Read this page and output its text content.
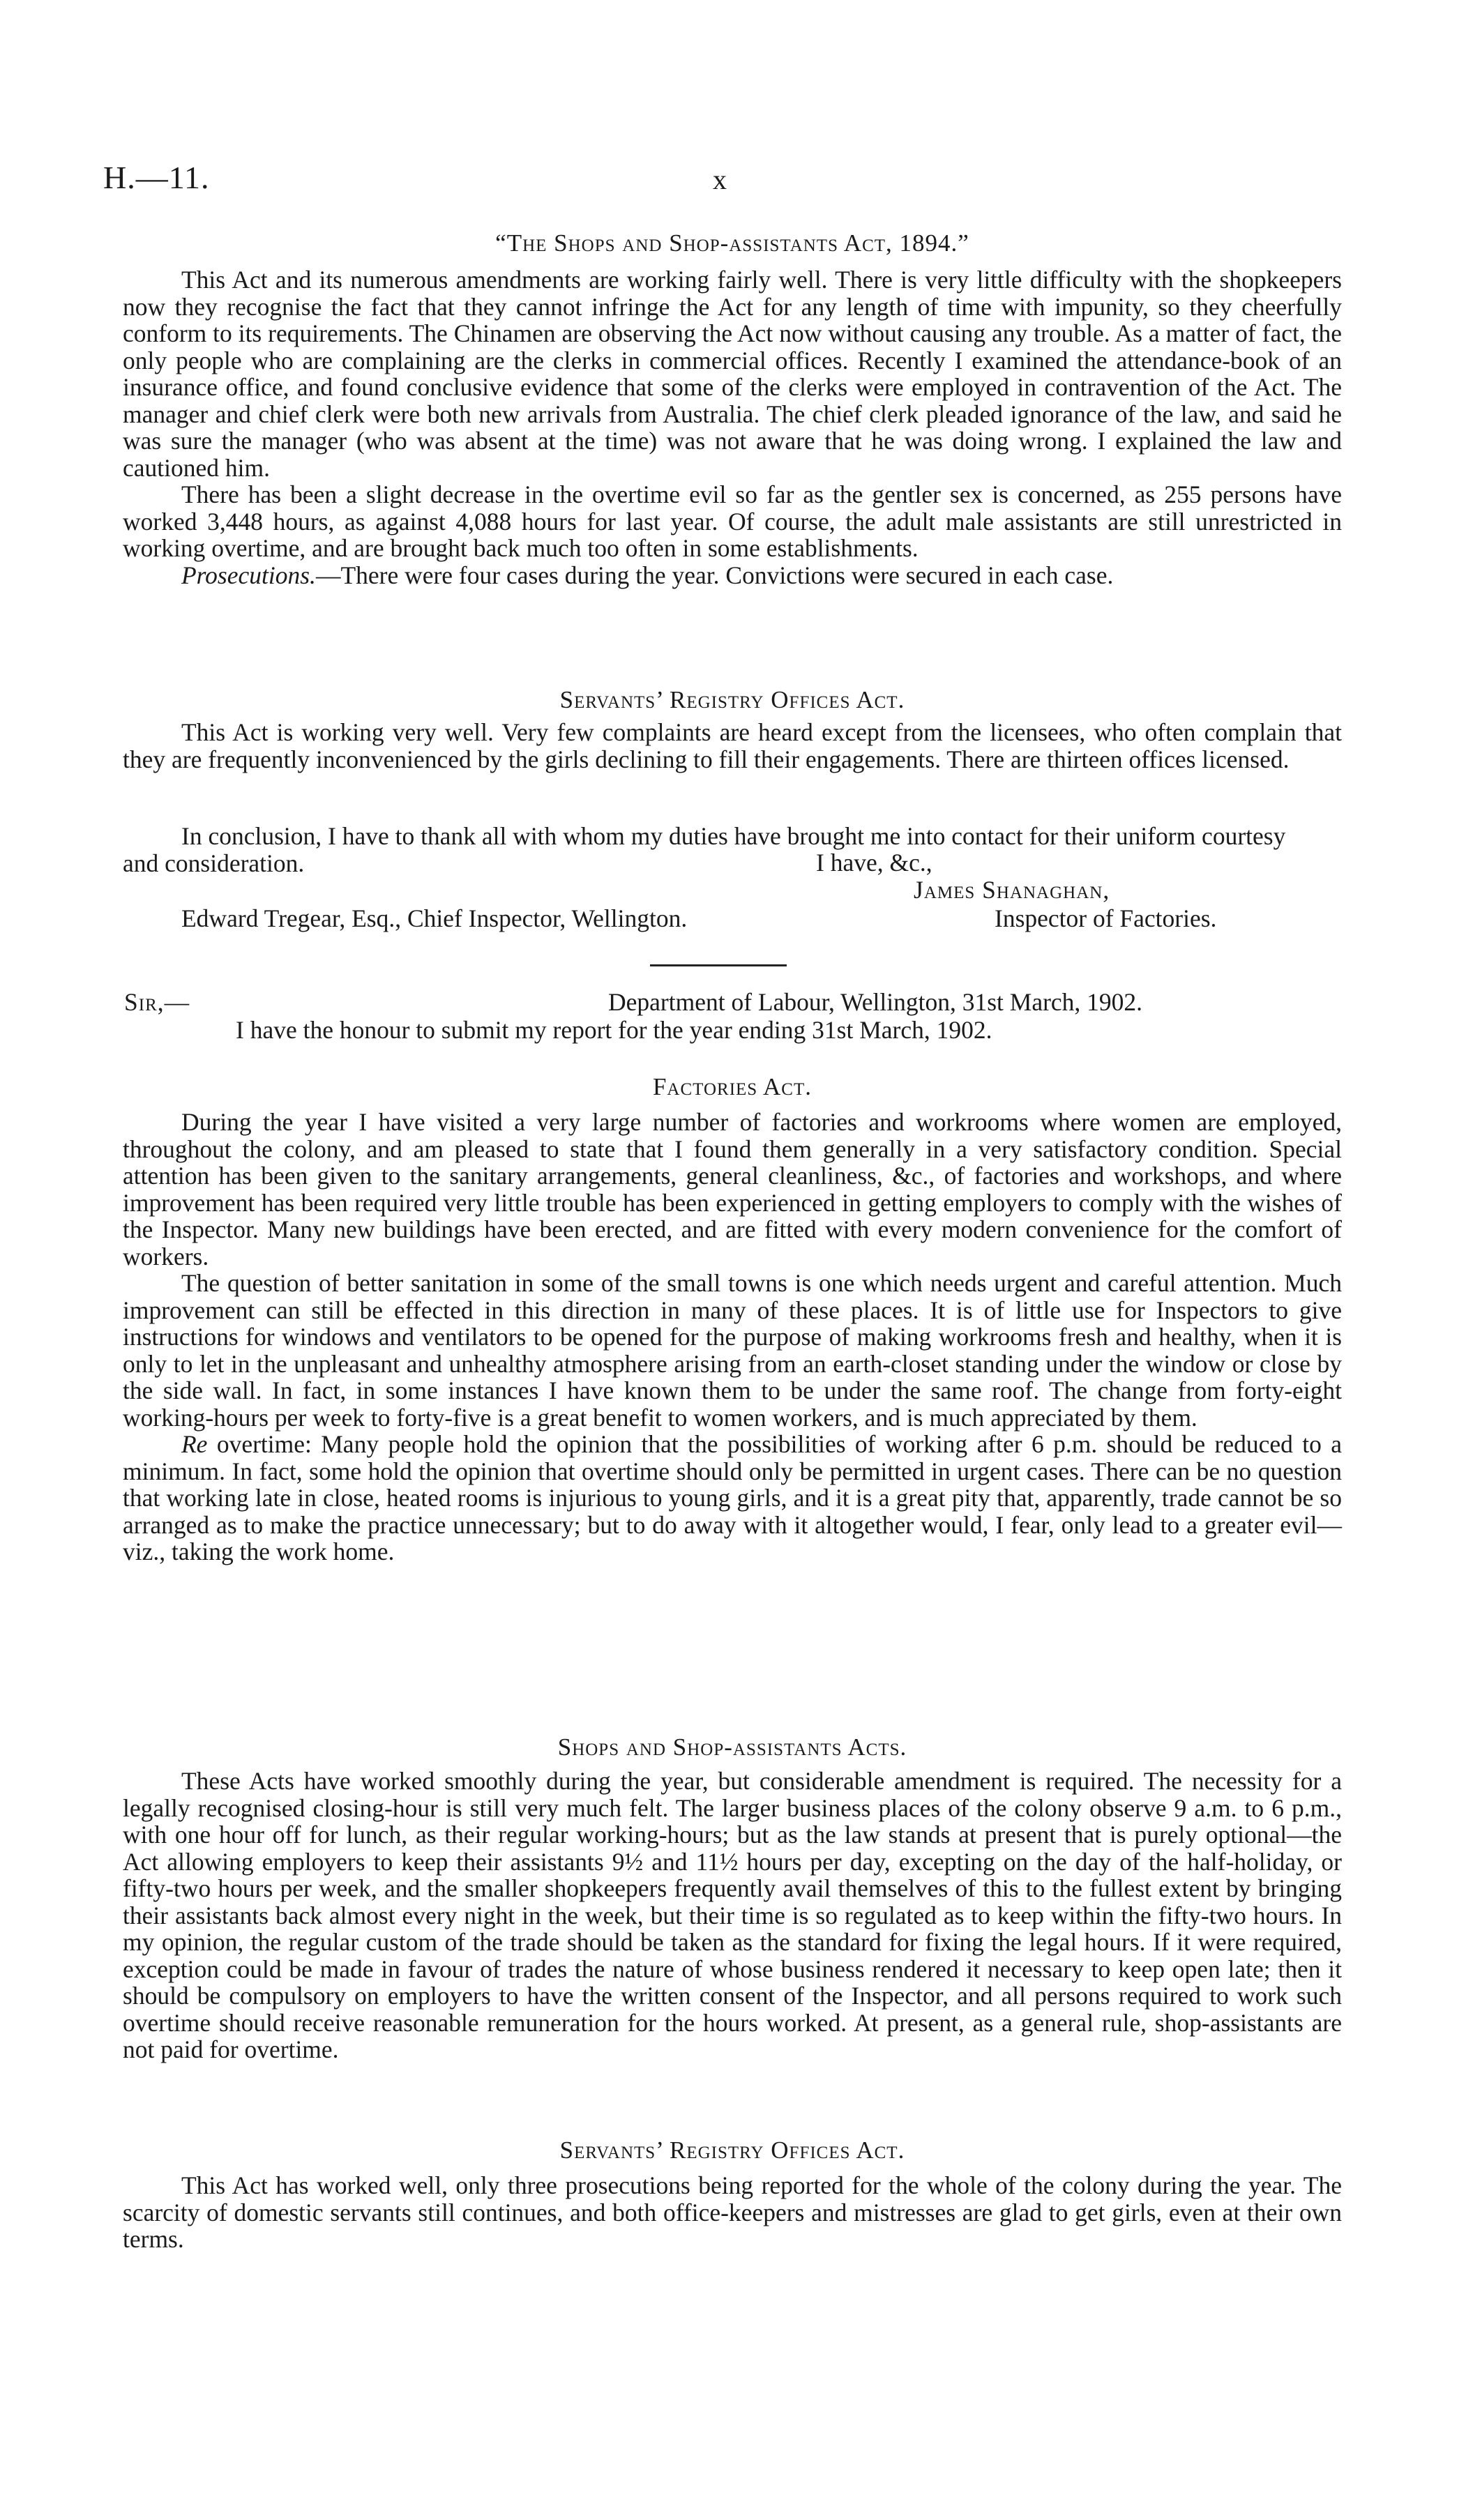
H.—11.	x
“The Shops and Shop-assistants Act, 1894.”

This Act and its numerous amendments are working fairly well. There is very little difficulty with the shopkeepers now they recognise the fact that they cannot infringe the Act for any length of time with impunity, so they cheerfully conform to its requirements. The Chinamen are observing the Act now without causing any trouble. As a matter of fact, the only people who are complaining are the clerks in commercial offices. Recently I examined the attendance-book of an insurance office, and found conclusive evidence that some of the clerks were employed in contravention of the Act. The manager and chief clerk were both new arrivals from Australia. The chief clerk pleaded ignorance of the law, and said he was sure the manager (who was absent at the time) was not aware that he was doing wrong. I explained the law and cautioned him.

There has been a slight decrease in the overtime evil so far as the gentler sex is concerned, as 255 persons have worked 3,448 hours, as against 4,088 hours for last year. Of course, the adult male assistants are still unrestricted in working overtime, and are brought back much too often in some establishments.

Prosecutions.—There were four cases during the year. Convictions were secured in each case.

Servants’ Registry Offices Act.

This Act is working very well. Very few complaints are heard except from the licensees, who often complain that they are frequently inconvenienced by the girls declining to fill their engagements. There are thirteen offices licensed.

In conclusion, I have to thank all with whom my duties have brought me into contact for their uniform courtesy and consideration.	I have, &c.,
James Shanaghan,
Edward Tregear, Esq., Chief Inspector, Wellington.	Inspector of Factories.
Sir,—	Department of Labour, Wellington, 31st March, 1902.
I have the honour to submit my report for the year ending 31st March, 1902.
Factories Act.

During the year I have visited a very large number of factories and workrooms where women are employed, throughout the colony, and am pleased to state that I found them generally in a very satisfactory condition. Special attention has been given to the sanitary arrangements, general cleanliness, &c., of factories and workshops, and where improvement has been required very little trouble has been experienced in getting employers to comply with the wishes of the Inspector. Many new buildings have been erected, and are fitted with every modern convenience for the comfort of workers.

The question of better sanitation in some of the small towns is one which needs urgent and careful attention. Much improvement can still be effected in this direction in many of these places. It is of little use for Inspectors to give instructions for windows and ventilators to be opened for the purpose of making workrooms fresh and healthy, when it is only to let in the unpleasant and unhealthy atmosphere arising from an earth-closet standing under the window or close by the side wall. In fact, in some instances I have known them to be under the same roof. The change from forty-eight working-hours per week to forty-five is a great benefit to women workers, and is much appreciated by them.

Re overtime: Many people hold the opinion that the possibilities of working after 6 p.m. should be reduced to a minimum. In fact, some hold the opinion that overtime should only be permitted in urgent cases. There can be no question that working late in close, heated rooms is injurious to young girls, and it is a great pity that, apparently, trade cannot be so arranged as to make the practice unnecessary; but to do away with it altogether would, I fear, only lead to a greater evil—viz., taking the work home.

Shops and Shop-assistants Acts.

These Acts have worked smoothly during the year, but considerable amendment is required. The necessity for a legally recognised closing-hour is still very much felt. The larger business places of the colony observe 9 a.m. to 6 p.m., with one hour off for lunch, as their regular working-hours; but as the law stands at present that is purely optional—the Act allowing employers to keep their assistants 9½ and 11½ hours per day, excepting on the day of the half-holiday, or fifty-two hours per week, and the smaller shopkeepers frequently avail themselves of this to the fullest extent by bringing their assistants back almost every night in the week, but their time is so regulated as to keep within the fifty-two hours. In my opinion, the regular custom of the trade should be taken as the standard for fixing the legal hours. If it were required, exception could be made in favour of trades the nature of whose business rendered it necessary to keep open late; then it should be compulsory on employers to have the written consent of the Inspector, and all persons required to work such overtime should receive reasonable remuneration for the hours worked. At present, as a general rule, shop-assistants are not paid for overtime.

Servants’ Registry Offices Act.

This Act has worked well, only three prosecutions being reported for the whole of the colony during the year. The scarcity of domestic servants still continues, and both office-keepers and mistresses are glad to get girls, even at their own terms.
